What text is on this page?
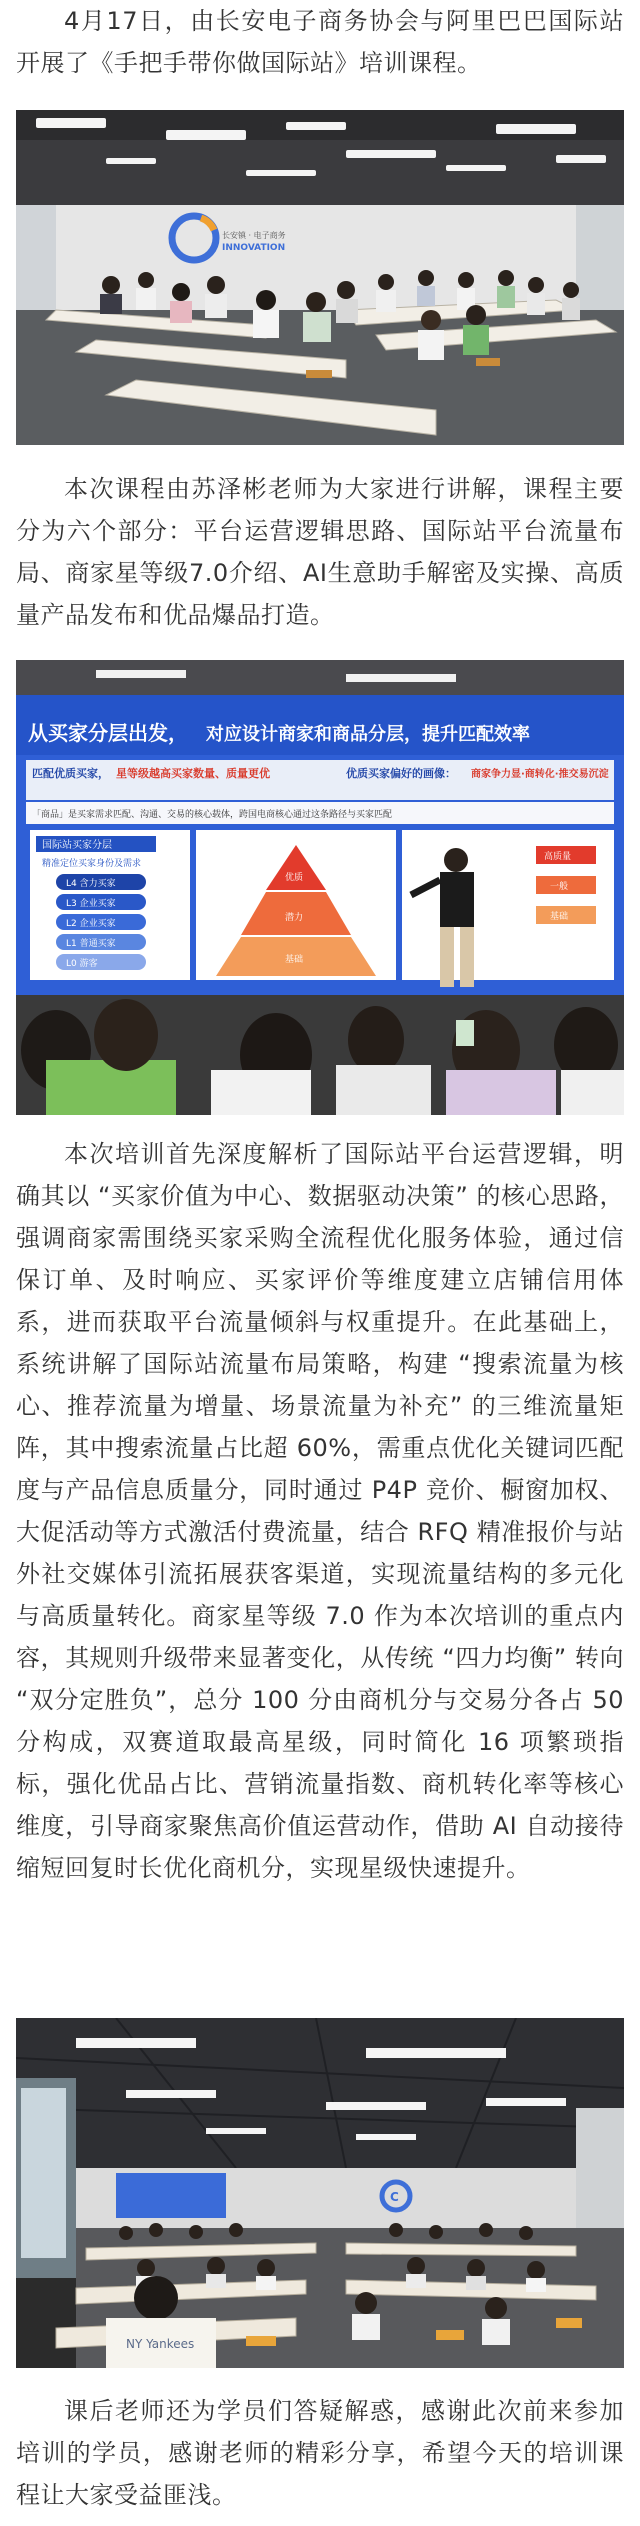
4月17日，由长安电子商务协会与阿里巴巴国际站开展了《手把手带你做国际站》培训课程。
长安镇 · 电子商务
INNOVATION
本次课程由苏泽彬老师为大家进行讲解，课程主要分为六个部分：平台运营逻辑思路、国际站平台流量布局、商家星等级7.0介绍、AI生意助手解密及实操、高质量产品发布和优品爆品打造。
从买家分层出发， 对应设计商家和商品分层，提升匹配效率
匹配优质买家， 星等级越高买家数量、质量更优	优质买家偏好的画像： 商家争力显·商转化·推交易沉淀
「商品」是买家需求匹配、沟通、交易的核心载体，跨国电商核心通过这条路径与买家匹配
国际站买家分层
精准定位买家身份及需求
L4 含力买家
L3 企业买家
L2 企业买家
L1 普通买家
L0 游客
优质
潜力
基础
高质量
一般
基础
本次培训首先深度解析了国际站平台运营逻辑，明确其以 “买家价值为中心、数据驱动决策” 的核心思路，强调商家需围绕买家采购全流程优化服务体验，通过信保订单、及时响应、买家评价等维度建立店铺信用体系，进而获取平台流量倾斜与权重提升。在此基础上，系统讲解了国际站流量布局策略，构建 “搜索流量为核心、推荐流量为增量、场景流量为补充” 的三维流量矩阵，其中搜索流量占比超 60%，需重点优化关键词匹配度与产品信息质量分，同时通过 P4P 竞价、橱窗加权、大促活动等方式激活付费流量，结合 RFQ 精准报价与站外社交媒体引流拓展获客渠道，实现流量结构的多元化与高质量转化。商家星等级 7.0 作为本次培训的重点内容，其规则升级带来显著变化，从传统 “四力均衡” 转向 “双分定胜负”，总分 100 分由商机分与交易分各占 50 分构成，双赛道取最高星级，同时简化 16 项繁琐指标，强化优品占比、营销流量指数、商机转化率等核心维度，引导商家聚焦高价值运营动作，借助 AI 自动接待缩短回复时长优化商机分，实现星级快速提升。
C
NY Yankees
课后老师还为学员们答疑解惑，感谢此次前来参加培训的学员，感谢老师的精彩分享，希望今天的培训课程让大家受益匪浅。
